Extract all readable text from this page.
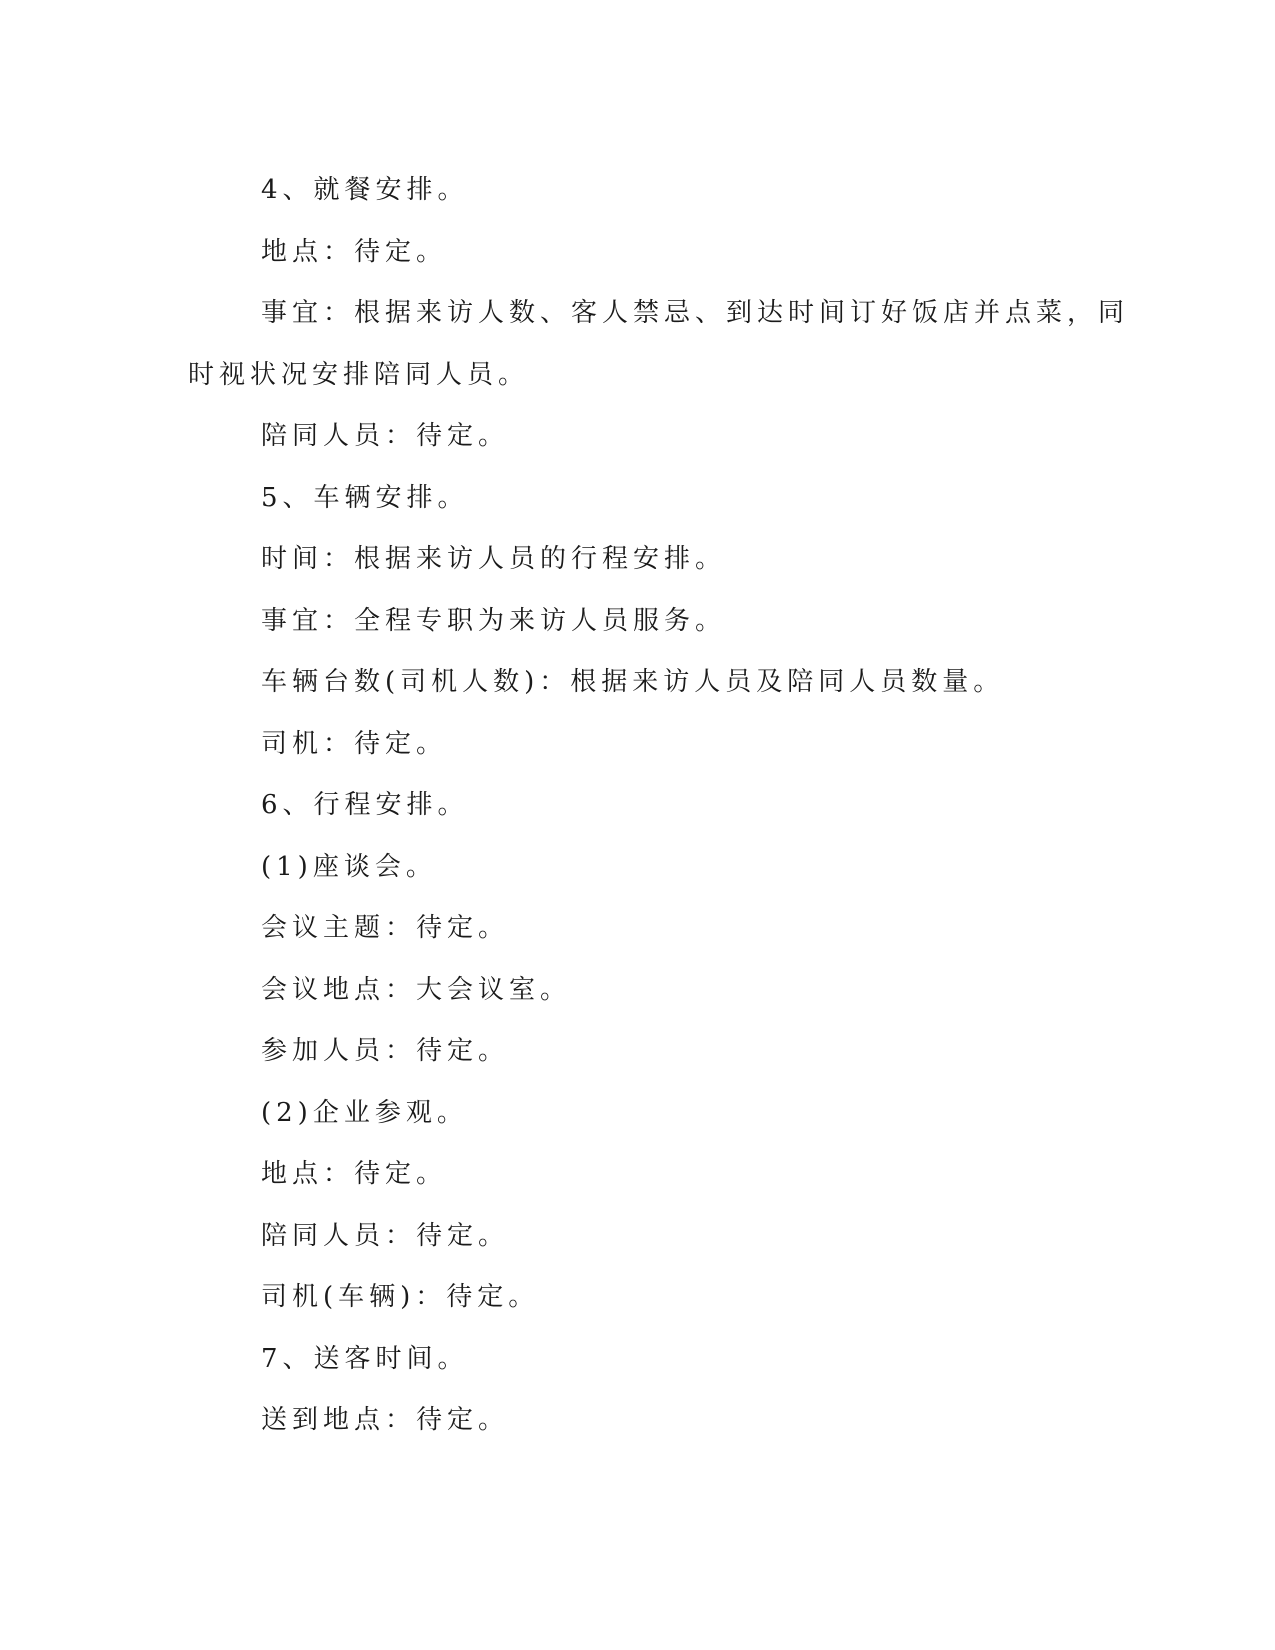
4、就餐安排。
地点：待定。
事宜：根据来访人数、客人禁忌、到达时间订好饭店并点菜，同
时视状况安排陪同人员。
陪同人员：待定。
5、车辆安排。
时间：根据来访人员的行程安排。
事宜：全程专职为来访人员服务。
车辆台数(司机人数)：根据来访人员及陪同人员数量。
司机：待定。
6、行程安排。
(1)座谈会。
会议主题：待定。
会议地点：大会议室。
参加人员：待定。
(2)企业参观。
地点：待定。
陪同人员：待定。
司机(车辆)：待定。
7、送客时间。
送到地点：待定。
